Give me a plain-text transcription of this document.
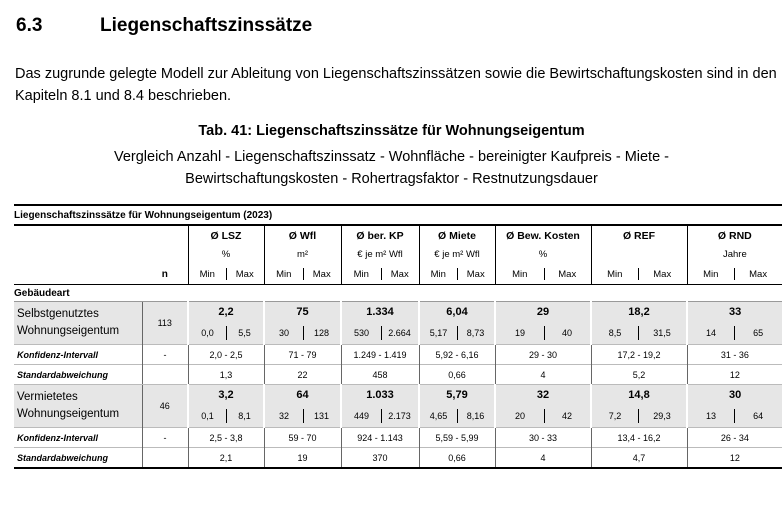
6.3	Liegenschaftszinssätze
Das zugrunde gelegte Modell zur Ableitung von Liegenschaftszinssätzen sowie die Bewirtschaftungskosten sind in den Kapiteln 8.1 und 8.4 beschrieben.
Tab. 41: Liegenschaftszinssätze für Wohnungseigentum
Vergleich Anzahl - Liegenschaftszinssatz - Wohnfläche - bereinigter Kaufpreis - Miete -
Bewirtschaftungskosten - Rohertragsfaktor - Restnutzungsdauer
Liegenschaftszinssätze für Wohnungseigentum (2023)															
		Ø LSZ		Ø Wfl		Ø ber. KP		Ø Miete		Ø Bew. Kosten		Ø REF		Ø RND	
		%		m²		€ je m² Wfl		€ je m² Wfl		%				Jahre	
	n	Min	Max	Min	Max	Min	Max	Min	Max	Min	Max	Min	Max	Min	Max
Gebäudeart															

Selbstgenutztes
Wohnungseigentum	113	2,2		75		1.334		6,04		29		18,2		33	
		0,0	5,5	30	128	530	2.664	5,17	8,73	19	40	8,5	31,5	14	65
Konfidenz-Intervall	-	2,0 - 2,5		71 - 79		1.249 - 1.419		5,92 - 6,16		29 - 30		17,2 - 19,2		31 - 36	
Standardabweichung		1,3		22		458		0,66		4		5,2		12	

Vermietetes
Wohnungseigentum	46	3,2		64		1.033		5,79		32		14,8		30	
		0,1	8,1	32	131	449	2.173	4,65	8,16	20	42	7,2	29,3	13	64
Konfidenz-Intervall	-	2,5 - 3,8		59 - 70		924 - 1.143		5,59 - 5,99		30 - 33		13,4 - 16,2		26 - 34	
Standardabweichung		2,1		19		370		0,66		4		4,7		12	
